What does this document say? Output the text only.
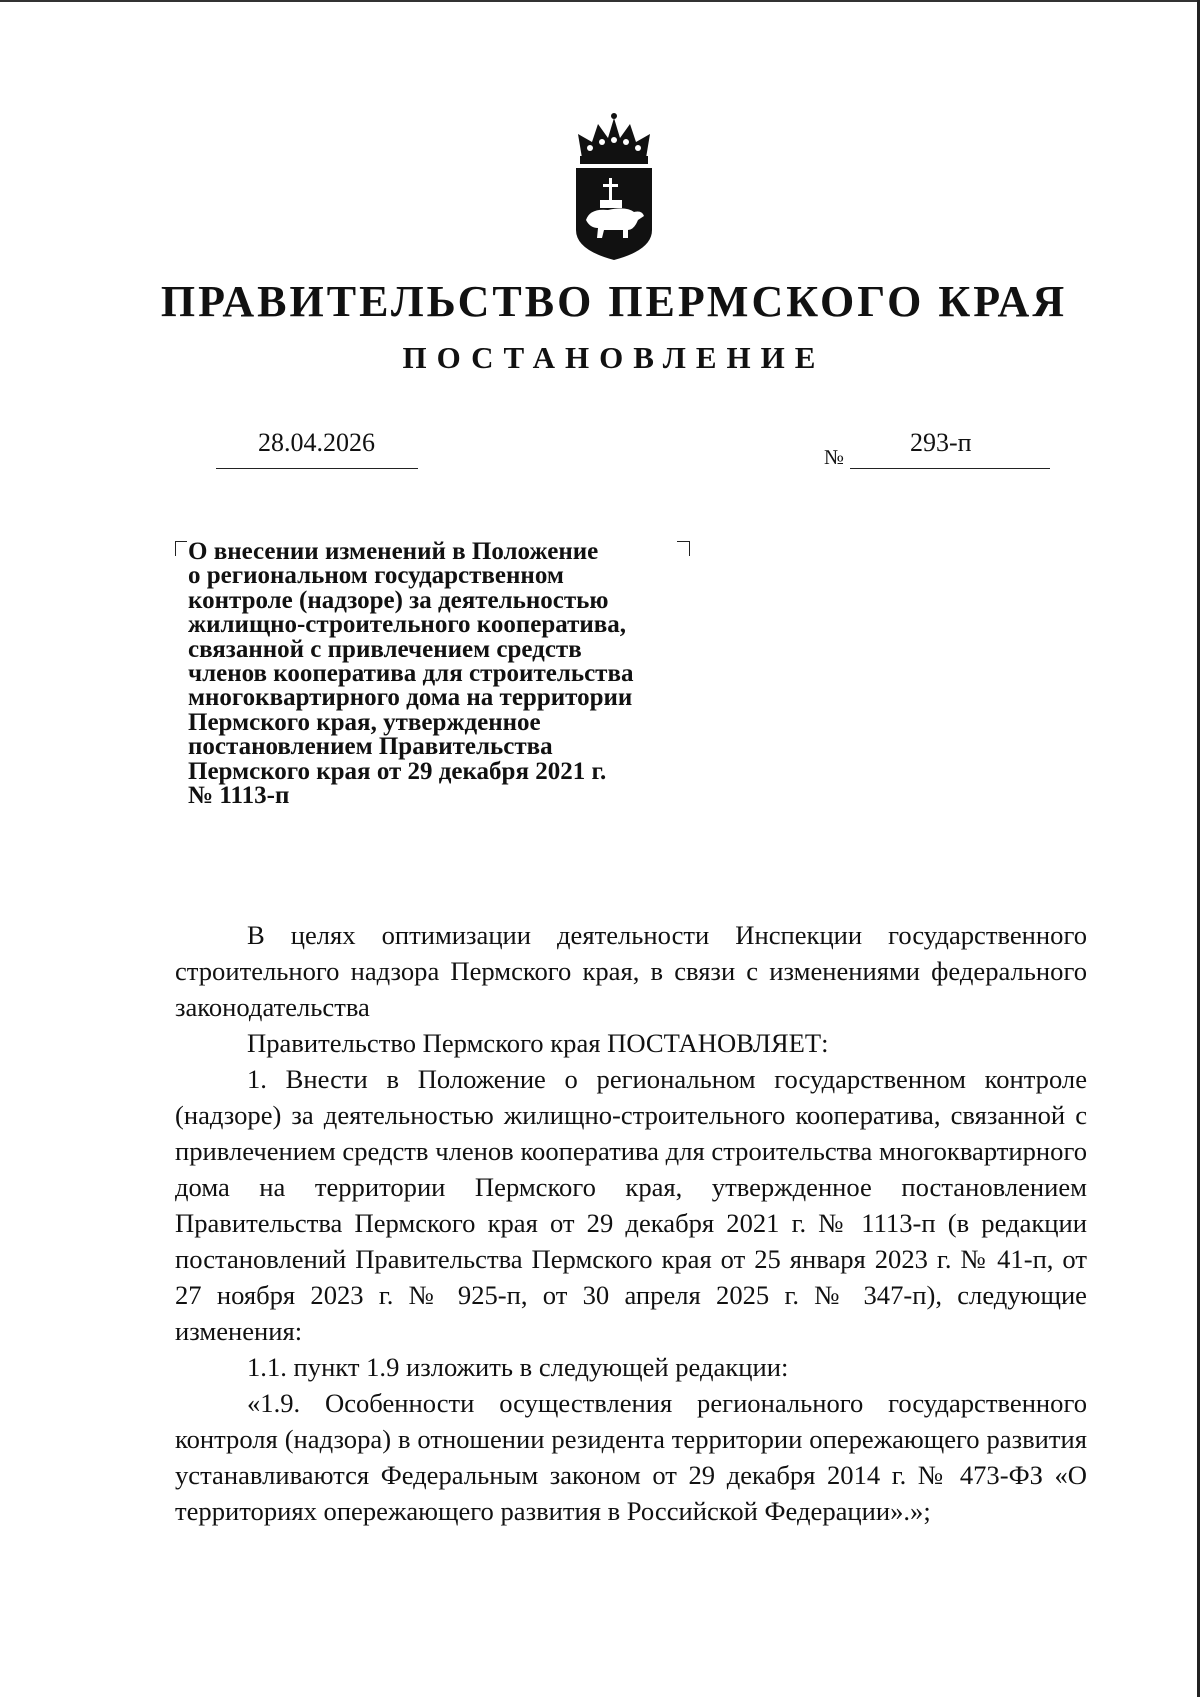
ПРАВИТЕЛЬСТВО ПЕРМСКОГО КРАЯ
ПОСТАНОВЛЕНИЕ
28.04.2026	№	293-п
О внесении изменений в Положение
о региональном государственном
контроле (надзоре) за деятельностью
жилищно-строительного кооператива,
связанной с привлечением средств
членов кооператива для строительства
многоквартирного дома на территории
Пермского края, утвержденное
постановлением Правительства
Пермского края от 29 декабря 2021 г.
№ 1113-п

В целях оптимизации деятельности Инспекции государственного строительного надзора Пермского края, в связи с изменениями федерального законодательства

Правительство Пермского края ПОСТАНОВЛЯЕТ:

1. Внести в Положение о региональном государственном контроле (надзоре) за деятельностью жилищно-строительного кооператива, связанной с привлечением средств членов кооператива для строительства многоквартирного дома на территории Пермского края, утвержденное постановлением Правительства Пермского края от 29 декабря 2021 г. № 1113-п (в редакции постановлений Правительства Пермского края от 25 января 2023 г. № 41-п, от 27 ноября 2023 г. № 925-п, от 30 апреля 2025 г. № 347-п), следующие изменения:

1.1. пункт 1.9 изложить в следующей редакции:

«1.9. Особенности осуществления регионального государственного контроля (надзора) в отношении резидента территории опережающего развития устанавливаются Федеральным законом от 29 декабря 2014 г. № 473-ФЗ «О территориях опережающего развития в Российской Федерации».»;
